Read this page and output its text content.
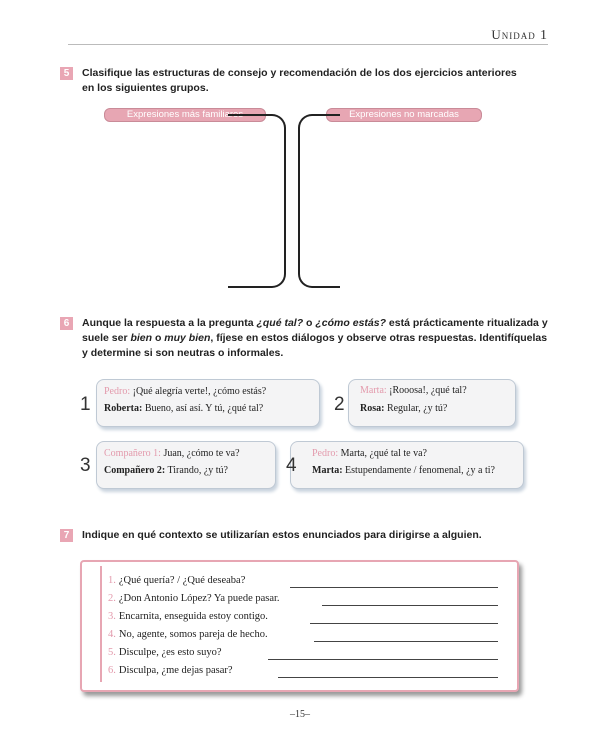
Unidad 1
5	Clasifique las estructuras de consejo y recomendación de los dos ejercicios anteriores
en los siguientes grupos.
Expresiones más familiares	Expresiones no marcadas
6	Aunque la respuesta a la pregunta ¿qué tal? o ¿cómo estás? está prácticamente ritualizada y
suele ser bien o muy bien, fíjese en estos diálogos y observe otras respuestas. Identifíquelas
y determine si son neutras o informales.
1
Pedro: ¡Qué alegría verte!, ¿cómo estás?
Roberta: Bueno, así así. Y tú, ¿qué tal?	2
Marta: ¡Rooosa!, ¿qué tal?
Rosa: Regular, ¿y tú?
3
Compañero 1: Juan, ¿cómo te va?
Compañero 2: Tirando, ¿y tú?	4
Pedro: Marta, ¿qué tal te va?
Marta: Estupendamente / fenomenal, ¿y a ti?
7	Indique en qué contexto se utilizarían estos enunciados para dirigirse a alguien.
1. ¿Qué quería? / ¿Qué deseaba?
2. ¿Don Antonio López? Ya puede pasar.
3. Encarnita, enseguida estoy contigo.
4. No, agente, somos pareja de hecho.
5. Disculpe, ¿es esto suyo?
6. Disculpa, ¿me dejas pasar?
–15–
